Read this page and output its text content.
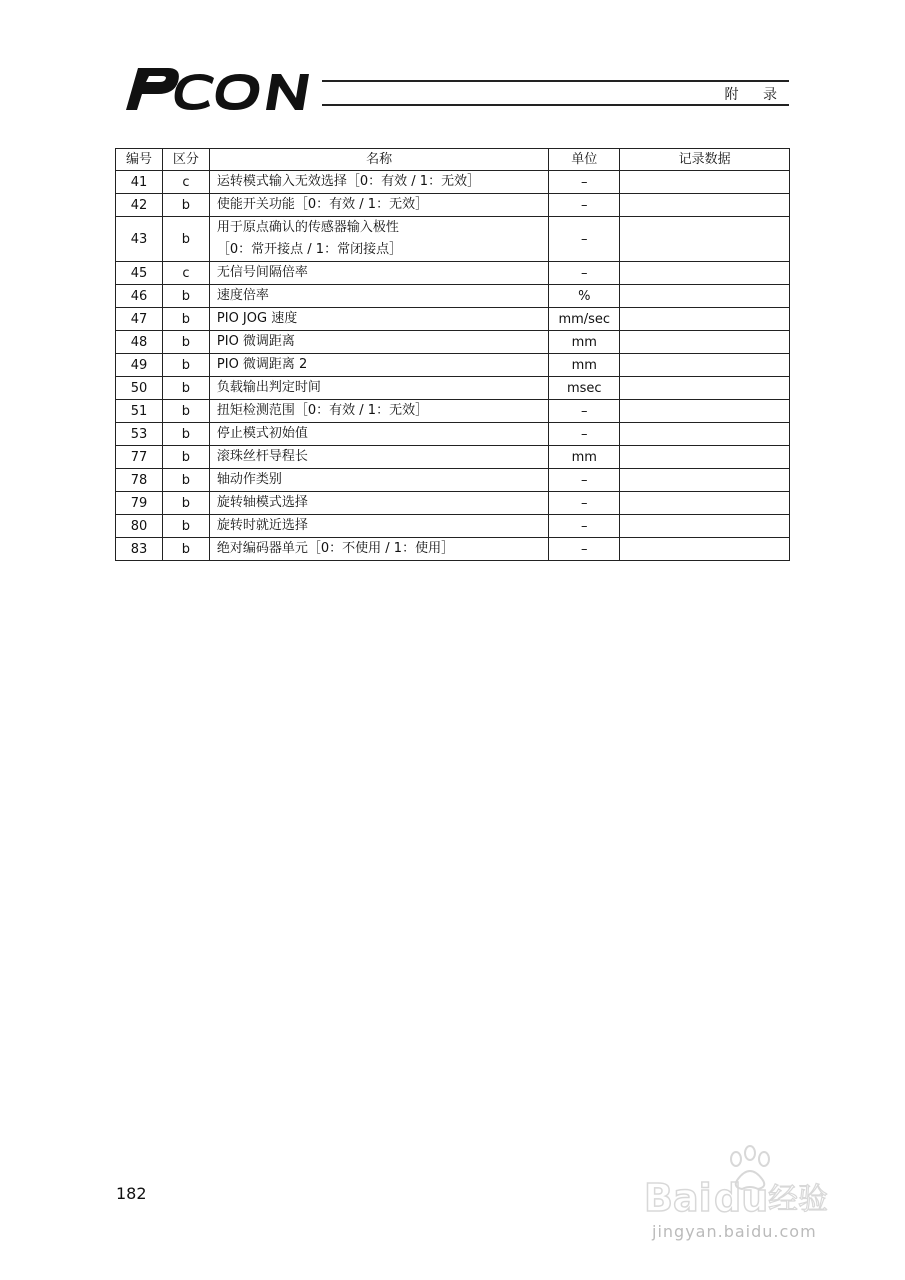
附 录
编号	区分	名称	单位	记录数据
41	c	运转模式输入无效选择［0：有效 / 1：无效］	–	
42	b	使能开关功能［0：有效 / 1：无效］	–	
43	b	用于原点确认的传感器输入极性
［0：常开接点 / 1：常闭接点］	–	
45	c	无信号间隔倍率	–	
46	b	速度倍率	%	
47	b	PIO JOG 速度	mm/sec	
48	b	PIO 微调距离	mm	
49	b	PIO 微调距离 2	mm	
50	b	负载输出判定时间	msec	
51	b	扭矩检测范围［0：有效 / 1：无效］	–	
53	b	停止模式初始值	–	
77	b	滚珠丝杆导程长	mm	
78	b	轴动作类别	–	
79	b	旋转轴模式选择	–	
80	b	旋转时就近选择	–	
83	b	绝对编码器单元［0：不使用 / 1：使用］	–	
182	Bai du 经验
jingyan.baidu.com
